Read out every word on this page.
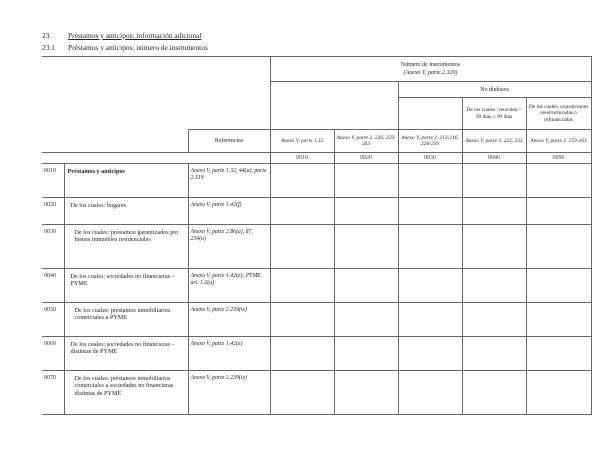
23. Préstamos y anticipos: información adicional
23.1 Préstamos y anticipos: número de instrumentos

			Número de instrumentos
(Anexo V, parte 2.320)				

					No dudosos		
						De los cuales: vencidos > 30 días ≤ 90 días	De los cuales: exposiciones reestructuradas o refinanciadas
		Referencias	Anexo V, parte 1.32	Anexo V, parte 2. 236, 259-263	Anexo V, parte 2. 213-216, 226-239	Anexo V, parte 2. 222, 233	Anexo V, parte 2. 259-263
			0010	0020	0030	0040	0090
0010	Préstamos y anticipos	Anexo V, parte 1.32, 44(a), parte 2.319					
0020	De los cuales: hogares	Anexo V, parte 1.42(f)					
0030	De los cuales: préstamos garantizados por bienes inmuebles residenciales	Anexo V, parte 2.86(a), 87, 234(a)					
0040	De los cuales: sociedades no financieras – PYME	Anexo V, parte 1.42(e); PYME art. 1.2(a)					
0050	De los cuales: préstamos inmobiliarios comerciales a PYME	Anexo V, parte 2.239(ix)					
0060	De los cuales: sociedades no financieras – distintas de PYME	Anexo V, parte 1.42(e)					
0070	De los cuales: préstamos inmobiliarios comerciales a sociedades no financieras distintas de PYME	Anexo V, parte 2.239(ix)					
